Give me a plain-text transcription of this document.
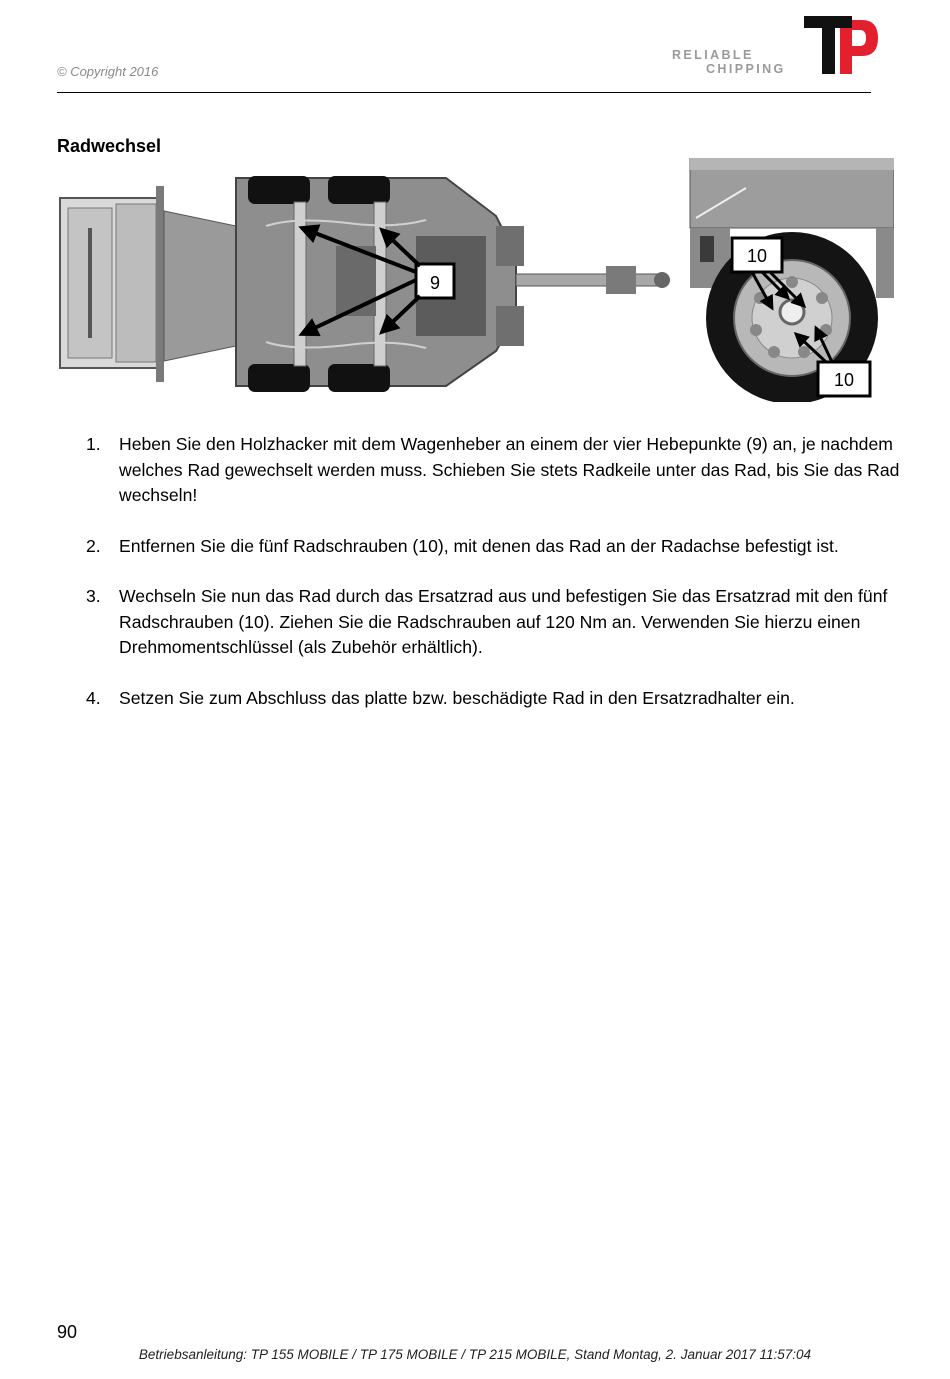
© Copyright 2016
RELIABLE
CHIPPING
Radwechsel
9
10
10
1.	Heben Sie den Holzhacker mit dem Wagenheber an einem der vier Hebepunkte (9) an, je nachdem welches Rad gewechselt werden muss. Schieben Sie stets Radkeile unter das Rad, bis Sie das Rad wechseln!
2.	Entfernen Sie die fünf Radschrauben (10), mit denen das Rad an der Radachse befestigt ist.
3.	Wechseln Sie nun das Rad durch das Ersatzrad aus und befestigen Sie das Ersatzrad mit den fünf Radschrauben (10). Ziehen Sie die Radschrauben auf 120 Nm an. Verwenden Sie hierzu einen Drehmomentschlüssel (als Zubehör erhältlich).
4.	Setzen Sie zum Abschluss das platte bzw. beschädigte Rad in den Ersatzradhalter ein.
90
Betriebsanleitung: TP 155 MOBILE / TP 175 MOBILE / TP 215 MOBILE, Stand Montag, 2. Januar 2017 11:57:04
